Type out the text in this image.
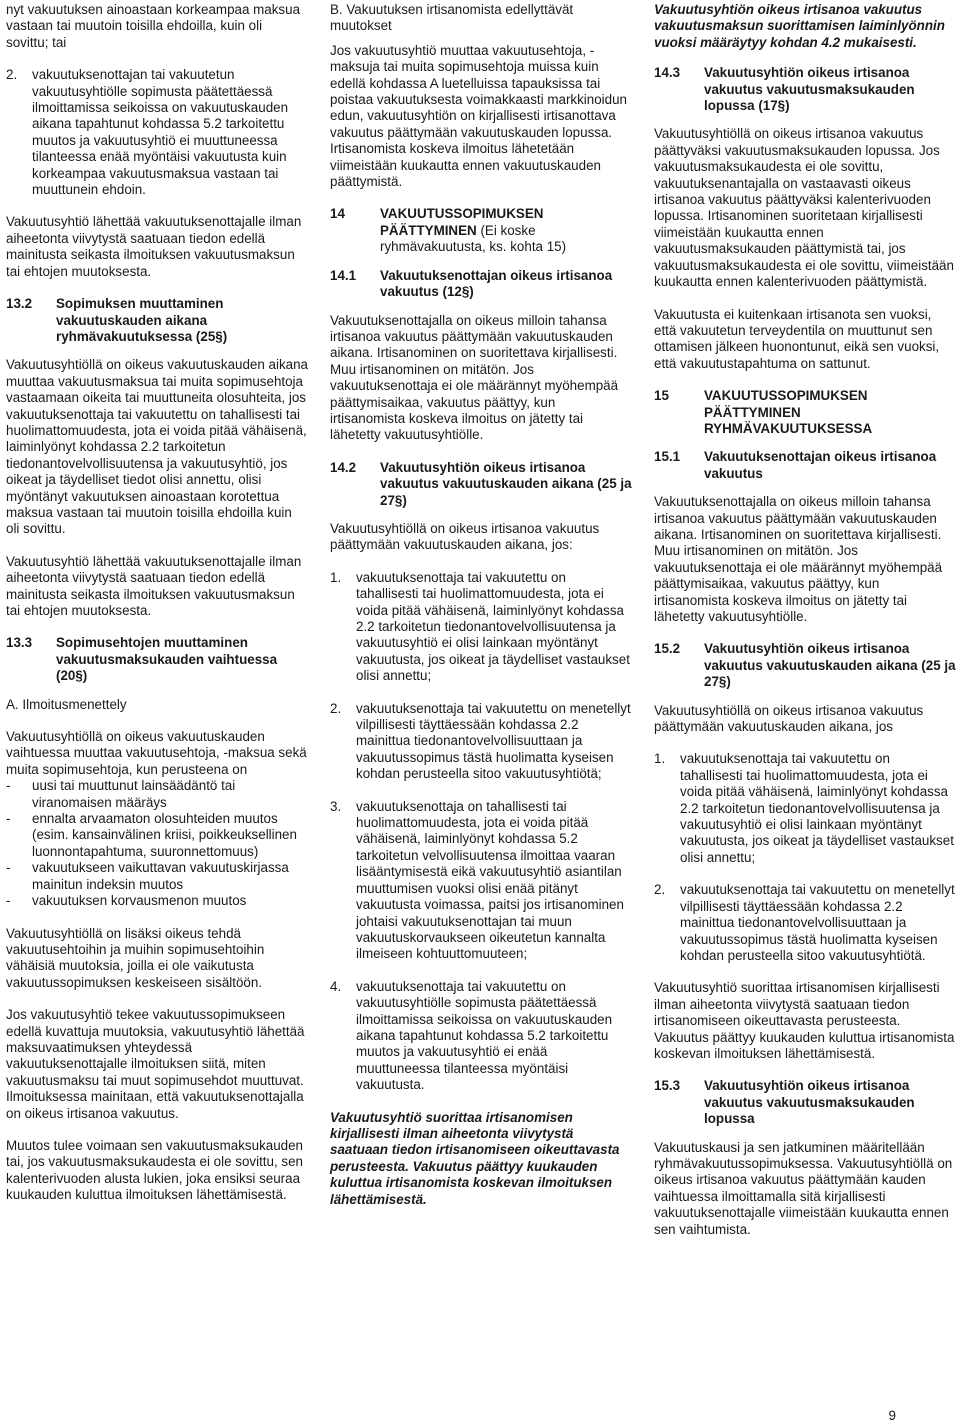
nyt vakuutuksen ainoastaan korkeampaa maksua vastaan tai muutoin toisilla ehdoilla, kuin oli sovittu; tai

2.	vakuutuksenottajan tai vakuutetun vakuutusyhtiölle sopimusta päätettäessä ilmoittamissa seikoissa on vakuutuskauden aikana tapahtunut kohdassa 5.2 tarkoitettu muutos ja vakuutusyhtiö ei muuttuneessa tilanteessa enää myöntäisi vakuutusta kuin korkeampaa vakuutusmaksua vastaan tai muuttunein ehdoin.

Vakuutusyhtiö lähettää vakuutuksenottajalle ilman aiheetonta viivytystä saatuaan tiedon edellä mainitusta seikasta ilmoituksen vakuutusmaksun tai ehtojen muutoksesta.

13.2	Sopimuksen muuttaminen vakuutuskauden aikana ryhmävakuutuksessa (25§)

Vakuutusyhtiöllä on oikeus vakuutuskauden aikana muuttaa vakuutusmaksua tai muita sopimusehtoja vastaamaan oikeita tai muuttuneita olosuhteita, jos vakuutuksenottaja tai vakuutettu on tahallisesti tai huolimattomuudesta, jota ei voida pitää vähäisenä, laiminlyönyt kohdassa 2.2 tarkoitetun tiedonantovelvollisuutensa ja vakuutusyhtiö, jos oikeat ja täydelliset tiedot olisi annettu, olisi myöntänyt vakuutuksen ainoastaan korotettua maksua vastaan tai muutoin toisilla ehdoilla kuin oli sovittu.

Vakuutusyhtiö lähettää vakuutuksenottajalle ilman aiheetonta viivytystä saatuaan tiedon edellä mainitusta seikasta ilmoituksen vakuutusmaksun tai ehtojen muutoksesta.

13.3	Sopimusehtojen muuttaminen vakuutusmaksukauden vaihtuessa (20§)

A. Ilmoitusmenettely

Vakuutusyhtiöllä on oikeus vakuutuskauden vaihtuessa muuttaa vakuutusehtoja, -maksua sekä muita sopimusehtoja, kun perusteena on

-	uusi tai muuttunut lainsäädäntö tai viranomaisen määräys
-	ennalta arvaamaton olosuhteiden muutos (esim. kansainvälinen kriisi, poikkeuksellinen luonnontapahtuma, suuronnettomuus)
-	vakuutukseen vaikuttavan vakuutuskirjassa mainitun indeksin muutos
-	vakuutuksen korvausmenon muutos

Vakuutusyhtiöllä on lisäksi oikeus tehdä vakuutusehtoihin ja muihin sopimusehtoihin vähäisiä muutoksia, joilla ei ole vaikutusta vakuutussopimuksen keskeiseen sisältöön.

Jos vakuutusyhtiö tekee vakuutussopimukseen edellä kuvattuja muutoksia, vakuutusyhtiö lähettää maksuvaatimuksen yhteydessä vakuutuksenottajalle ilmoituksen siitä, miten vakuutusmaksu tai muut sopimusehdot muuttuvat. Ilmoituksessa mainitaan, että vakuutuksenottajalla on oikeus irtisanoa vakuutus.

Muutos tulee voimaan sen vakuutusmaksukauden tai, jos vakuutusmaksukaudesta ei ole sovittu, sen kalenterivuoden alusta lukien, joka ensiksi seuraa kuukauden kuluttua ilmoituksen lähettämisestä.

B. Vakuutuksen irtisanomista edellyttävät muutokset

Jos vakuutusyhtiö muuttaa vakuutusehtoja, -maksuja tai muita sopimusehtoja muissa kuin edellä kohdassa A luetelluissa tapauksissa tai poistaa vakuutuksesta voimakkaasti markkinoidun edun, vakuutusyhtiön on kirjallisesti irtisanottava vakuutus päättymään vakuutuskauden lopussa. Irtisanomista koskeva ilmoitus lähetetään viimeistään kuukautta ennen vakuutuskauden päättymistä.

14	VAKUUTUSSOPIMUKSEN PÄÄTTYMINEN (Ei koske ryhmävakuutusta, ks. kohta 15)
14.1	Vakuutuksenottajan oikeus irtisanoa vakuutus (12§)

Vakuutuksenottajalla on oikeus milloin tahansa irtisanoa vakuutus päättymään vakuutuskauden aikana. Irtisanominen on suoritettava kirjallisesti. Muu irtisanominen on mitätön. Jos vakuutuksenottaja ei ole määrännyt myöhempää päättymisaikaa, vakuutus päättyy, kun irtisanomista koskeva ilmoitus on jätetty tai lähetetty vakuutusyhtiölle.

14.2	Vakuutusyhtiön oikeus irtisanoa vakuutus vakuutuskauden aikana (25 ja 27§)

Vakuutusyhtiöllä on oikeus irtisanoa vakuutus päättymään vakuutuskauden aikana, jos:

1.	vakuutuksenottaja tai vakuutettu on tahallisesti tai huolimattomuudesta, jota ei voida pitää vähäisenä, laiminlyönyt kohdassa 2.2 tarkoitetun tiedonantovelvollisuutensa ja vakuutusyhtiö ei olisi lainkaan myöntänyt vakuutusta, jos oikeat ja täydelliset vastaukset olisi annettu;
2.	vakuutuksenottaja tai vakuutettu on menetellyt vilpillisesti täyttäessään kohdassa 2.2 mainittua tiedonantovelvollisuuttaan ja vakuutussopimus tästä huolimatta kyseisen kohdan perusteella sitoo vakuutusyhtiötä;
3.	vakuutuksenottaja on tahallisesti tai huolimattomuudesta, jota ei voida pitää vähäisenä, laiminlyönyt kohdassa 5.2 tarkoitetun velvollisuutensa ilmoittaa vaaran lisääntymisestä eikä vakuutusyhtiö asiantilan muuttumisen vuoksi olisi enää pitänyt vakuutusta voimassa, paitsi jos irtisanominen johtaisi vakuutuksenottajan tai muun vakuutuskorvaukseen oikeutetun kannalta ilmeiseen kohtuuttomuuteen;
4.	vakuutuksenottaja tai vakuutettu on vakuutusyhtiölle sopimusta päätettäessä ilmoittamissa seikoissa on vakuutuskauden aikana tapahtunut kohdassa 5.2 tarkoitettu muutos ja vakuutusyhtiö ei enää muuttuneessa tilanteessa myöntäisi vakuutusta.

Vakuutusyhtiö suorittaa irtisanomisen kirjallisesti ilman aiheetonta viivytystä saatuaan tiedon irtisanomiseen oikeuttavasta perusteesta. Vakuutus päättyy kuukauden kuluttua irtisanomista koskevan ilmoituksen lähettämisestä.

Vakuutusyhtiön oikeus irtisanoa vakuutus vakuutusmaksun suorittamisen laiminlyönnin vuoksi määräytyy kohdan 4.2 mukaisesti.

14.3	Vakuutusyhtiön oikeus irtisanoa vakuutus vakuutusmaksukauden lopussa (17§)

Vakuutusyhtiöllä on oikeus irtisanoa vakuutus päättyväksi vakuutusmaksukauden lopussa. Jos vakuutusmaksukaudesta ei ole sovittu, vakuutuksenantajalla on vastaavasti oikeus irtisanoa vakuutus päättyväksi kalenterivuoden lopussa. Irtisanominen suoritetaan kirjallisesti viimeistään kuukautta ennen vakuutusmaksukauden päättymistä tai, jos vakuutusmaksukaudesta ei ole sovittu, viimeistään kuukautta ennen kalenterivuoden päättymistä.

Vakuutusta ei kuitenkaan irtisanota sen vuoksi, että vakuutetun terveydentila on muuttunut sen ottamisen jälkeen huonontunut, eikä sen vuoksi, että vakuutustapahtuma on sattunut.

15	VAKUUTUSSOPIMUKSEN PÄÄTTYMINEN RYHMÄVAKUUTUKSESSA
15.1	Vakuutuksenottajan oikeus irtisanoa vakuutus

Vakuutuksenottajalla on oikeus milloin tahansa irtisanoa vakuutus päättymään vakuutuskauden aikana. Irtisanominen on suoritettava kirjallisesti. Muu irtisanominen on mitätön. Jos vakuutuksenottaja ei ole määrännyt myöhempää päättymisaikaa, vakuutus päättyy, kun irtisanomista koskeva ilmoitus on jätetty tai lähetetty vakuutusyhtiölle.

15.2	Vakuutusyhtiön oikeus irtisanoa vakuutus vakuutuskauden aikana (25 ja 27§)

Vakuutusyhtiöllä on oikeus irtisanoa vakuutus päättymään vakuutuskauden aikana, jos

1.	vakuutuksenottaja tai vakuutettu on tahallisesti tai huolimattomuudesta, jota ei voida pitää vähäisenä, laiminlyönyt kohdassa 2.2 tarkoitetun tiedonantovelvollisuutensa ja vakuutusyhtiö ei olisi lainkaan myöntänyt vakuutusta, jos oikeat ja täydelliset vastaukset olisi annettu;
2.	vakuutuksenottaja tai vakuutettu on menetellyt vilpillisesti täyttäessään kohdassa 2.2 mainittua tiedonantovelvollisuuttaan ja vakuutussopimus tästä huolimatta kyseisen kohdan perusteella sitoo vakuutusyhtiötä.

Vakuutusyhtiö suorittaa irtisanomisen kirjallisesti ilman aiheetonta viivytystä saatuaan tiedon irtisanomiseen oikeuttavasta perusteesta. Vakuutus päättyy kuukauden kuluttua irtisanomista koskevan ilmoituksen lähettämisestä.

15.3	Vakuutusyhtiön oikeus irtisanoa vakuutus vakuutusmaksukauden lopussa

Vakuutuskausi ja sen jatkuminen määritellään ryhmävakuutussopimuksessa. Vakuutusyhtiöllä on oikeus irtisanoa vakuutus päättymään kauden vaihtuessa ilmoittamalla sitä kirjallisesti vakuutuksenottajalle viimeistään kuukautta ennen sen vaihtumista.

9
